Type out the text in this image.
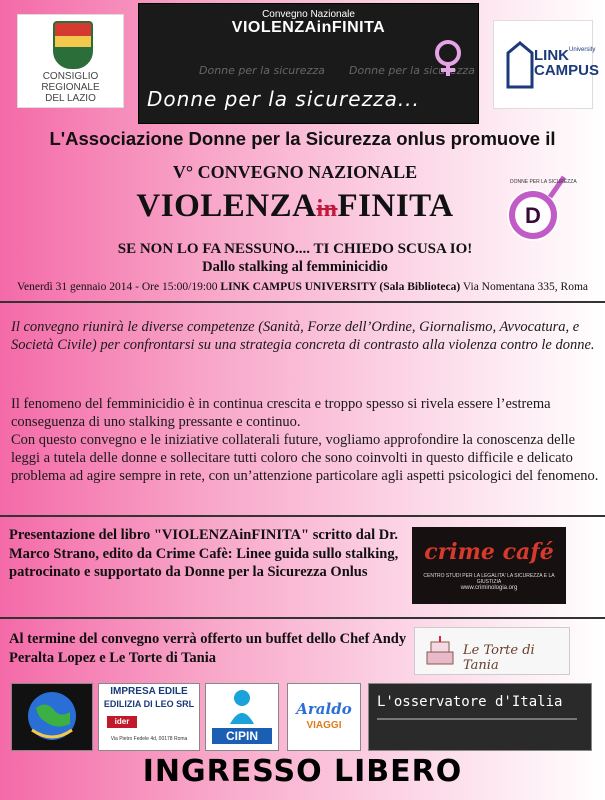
CONSIGLIO
REGIONALE
DEL LAZIO
Convegno Nazionale
VIOLENZAinFINITA
Donne per la sicurezza Donne per la sicurezza
Donne per la sicurezza...
LINK
CAMPUS
University
L'Associazione Donne per la Sicurezza onlus promuove il
V° CONVEGNO NAZIONALE
VIOLENZAinFINITA	D
DONNE PER LA SICUREZZA
SE NON LO FA NESSUNO.... TI CHIEDO SCUSA IO!
Dallo stalking al femminicidio
Venerdì 31 gennaio 2014 - Ore 15:00/19:00 LINK CAMPUS UNIVERSITY (Sala Biblioteca) Via Nomentana 335, Roma
Il convegno riunirà le diverse competenze (Sanità, Forze dell’Ordine, Giornalismo, Avvocatura, e Società Civile) per confrontarsi su una strategia concreta di contrasto alla violenza contro le donne.

Il fenomeno del femminicidio è in continua crescita e troppo spesso si rivela essere l’estrema conseguenza di uno stalking pressante e continuo.

Con questo convegno e le iniziative collaterali future, vogliamo approfondire la conoscenza delle leggi a tutela delle donne e sollecitare tutti coloro che sono coinvolti in questo difficile e delicato problema ad agire sempre in rete, con un’attenzione particolare agli aspetti psicologici del fenomeno.

Presentazione del libro "VIOLENZAinFINITA" scritto dal Dr. Marco Strano, edito da Crime Cafè: Linee guida sullo stalking, patrocinato e supportato da Donne per la Sicurezza Onlus
crime café
CENTRO STUDI PER LA LEGALITA' LA SICUREZZA E LA GIUSTIZIA
www.criminologia.org
Al termine del convegno verrà offerto un buffet dello Chef Andy Peralta Lopez e Le Torte di Tania	Le Torte di Tania
IMPRESA EDILE
EDILIZIA DI LEO SRL
ider
Via Pietro Fedele 4d, 00178 Roma	CIPIN
Araldo
VIAGGI
L'osservatore d'Italia
INGRESSO LIBERO
